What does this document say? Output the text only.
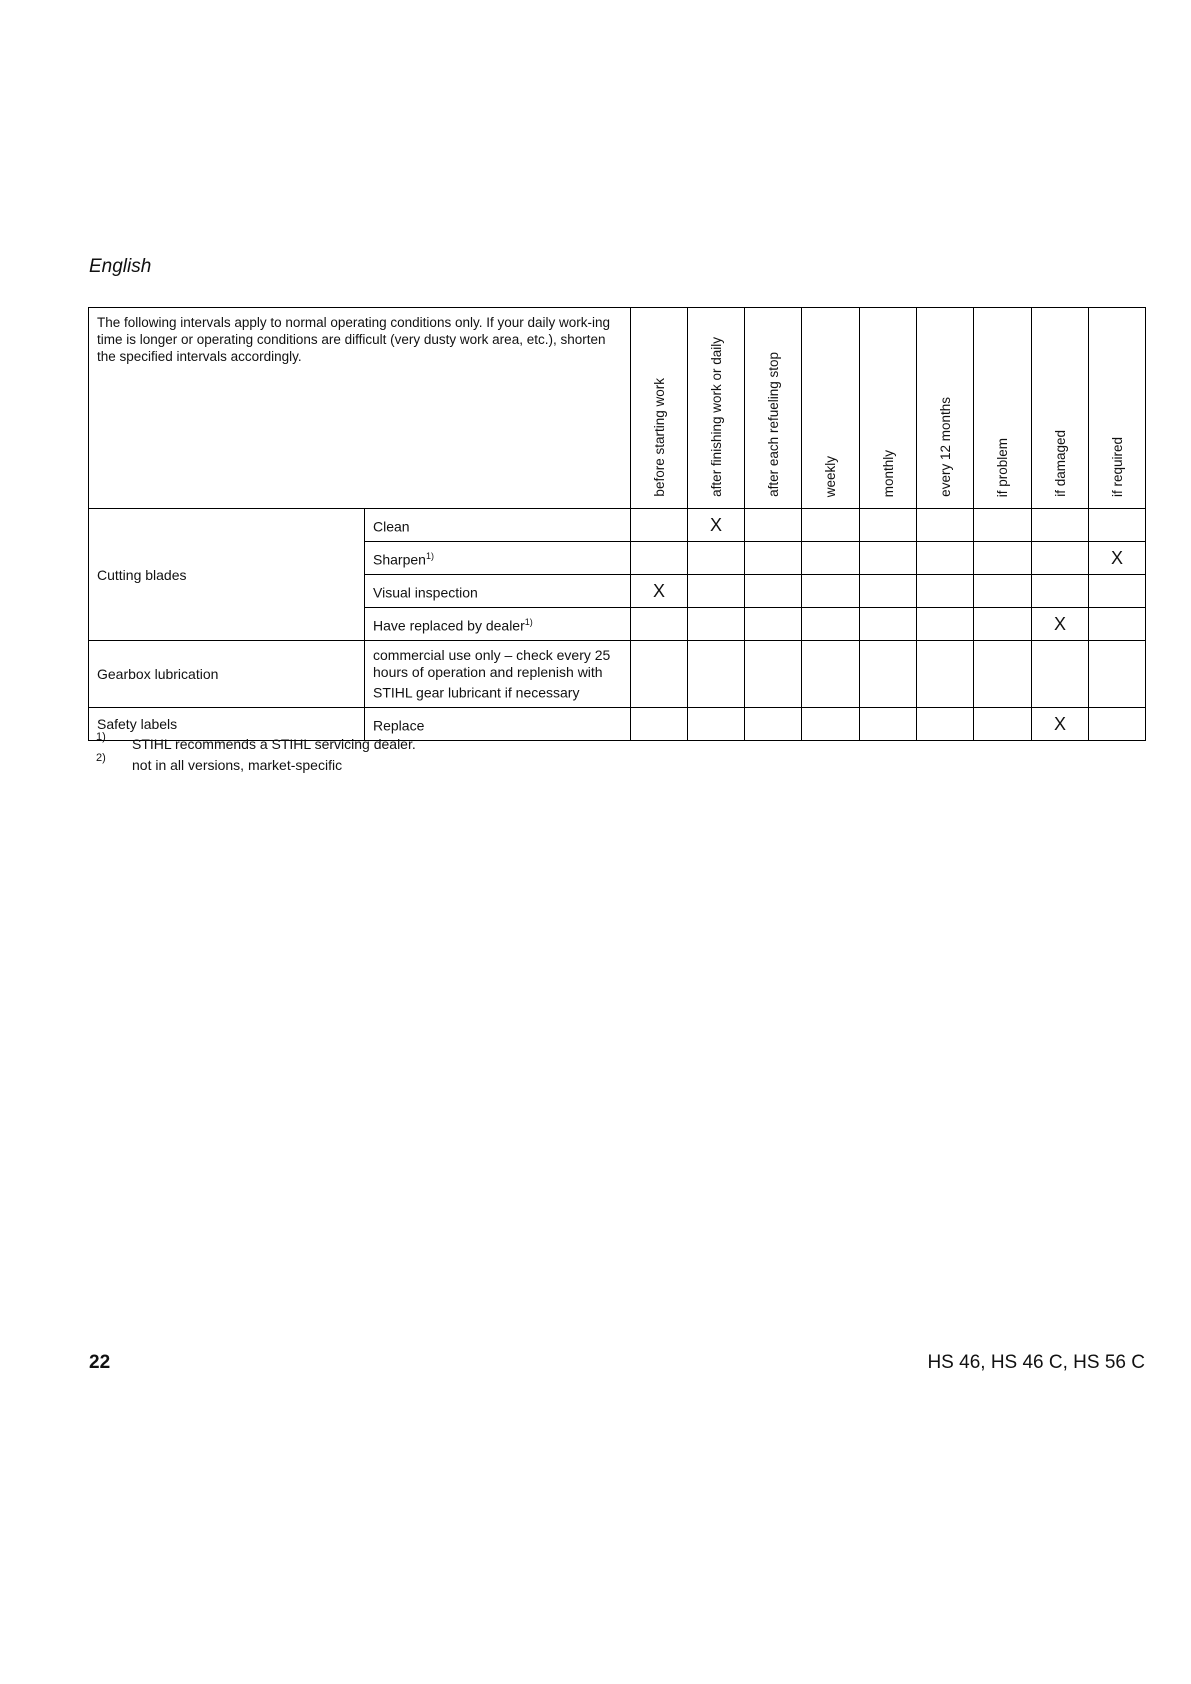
English
The following intervals apply to normal operating conditions only. If your daily work-ing time is longer or operating conditions are difficult (very dusty work area, etc.), shorten the specified intervals accordingly.		before starting work	after finishing work or daily	after each refueling stop	weekly	monthly	every 12 months	if problem	if damaged	if required
Cutting blades	Clean		X							
	Sharpen$^{1)}$									X
	Visual inspection	X								
	Have replaced by dealer$^{1)}$								X	
Gearbox lubrication	commercial use only – check every 25 hours of operation and replenish with STIHL gear lubricant if necessary									
Safety labels	Replace								X	
1) STIHL recommends a STIHL servicing dealer.
2) not in all versions, market-specific
22	HS 46, HS 46 C, HS 56 C
